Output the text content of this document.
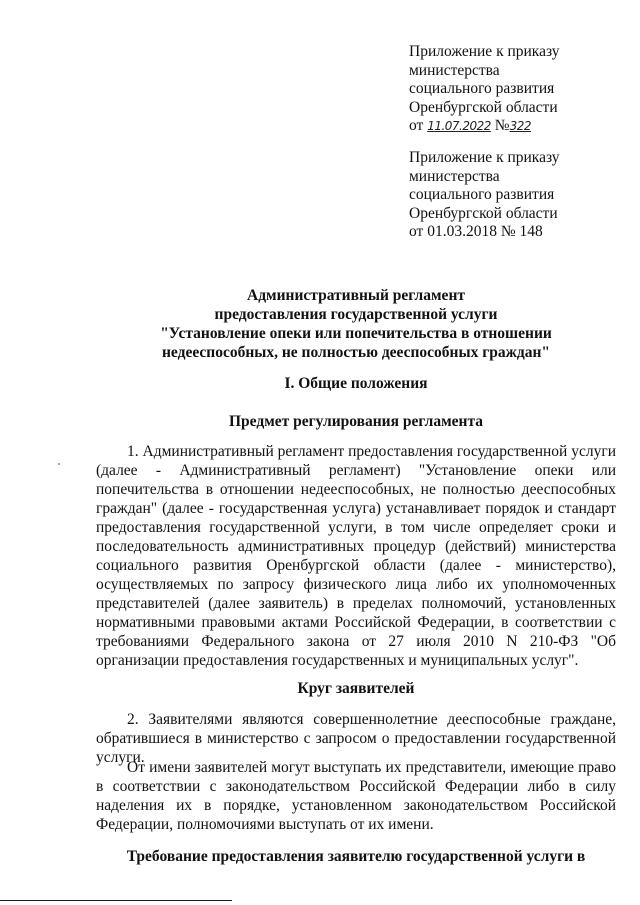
Приложение к приказу
министерства
социального развития
Оренбургской области
от 11.07.2022 №322
Приложение к приказу
министерства
социального развития
Оренбургской области
от 01.03.2018 № 148
Административный регламент
предоставления государственной услуги
"Установление опеки или попечительства в отношении
недееспособных, не полностью дееспособных граждан"
I. Общие положения
Предмет регулирования регламента
1. Административный регламент предоставления государственной услуги
(далее - Административный регламент) "Установление опеки или
попечительства в отношении недееспособных, не полностью дееспособных
граждан" (далее - государственная услуга) устанавливает порядок и стандарт
предоставления государственной услуги, в том числе определяет сроки и
последовательность административных процедур (действий) министерства
социального развития Оренбургской области (далее - министерство),
осуществляемых по запросу физического лица либо их уполномоченных
представителей (далее заявитель) в пределах полномочий, установленных
нормативными правовыми актами Российской Федерации, в соответствии с
требованиями Федерального закона от 27 июля 2010 N 210-ФЗ "Об
организации предоставления государственных и муниципальных услуг".
Круг заявителей
2. Заявителями являются совершеннолетние дееспособные граждане,
обратившиеся в министерство с запросом о предоставлении государственной
услуги.
От имени заявителей могут выступать их представители, имеющие право
в соответствии с законодательством Российской Федерации либо в силу
наделения их в порядке, установленном законодательством Российской
Федерации, полномочиями выступать от их имени.
Требование предоставления заявителю государственной услуги в
